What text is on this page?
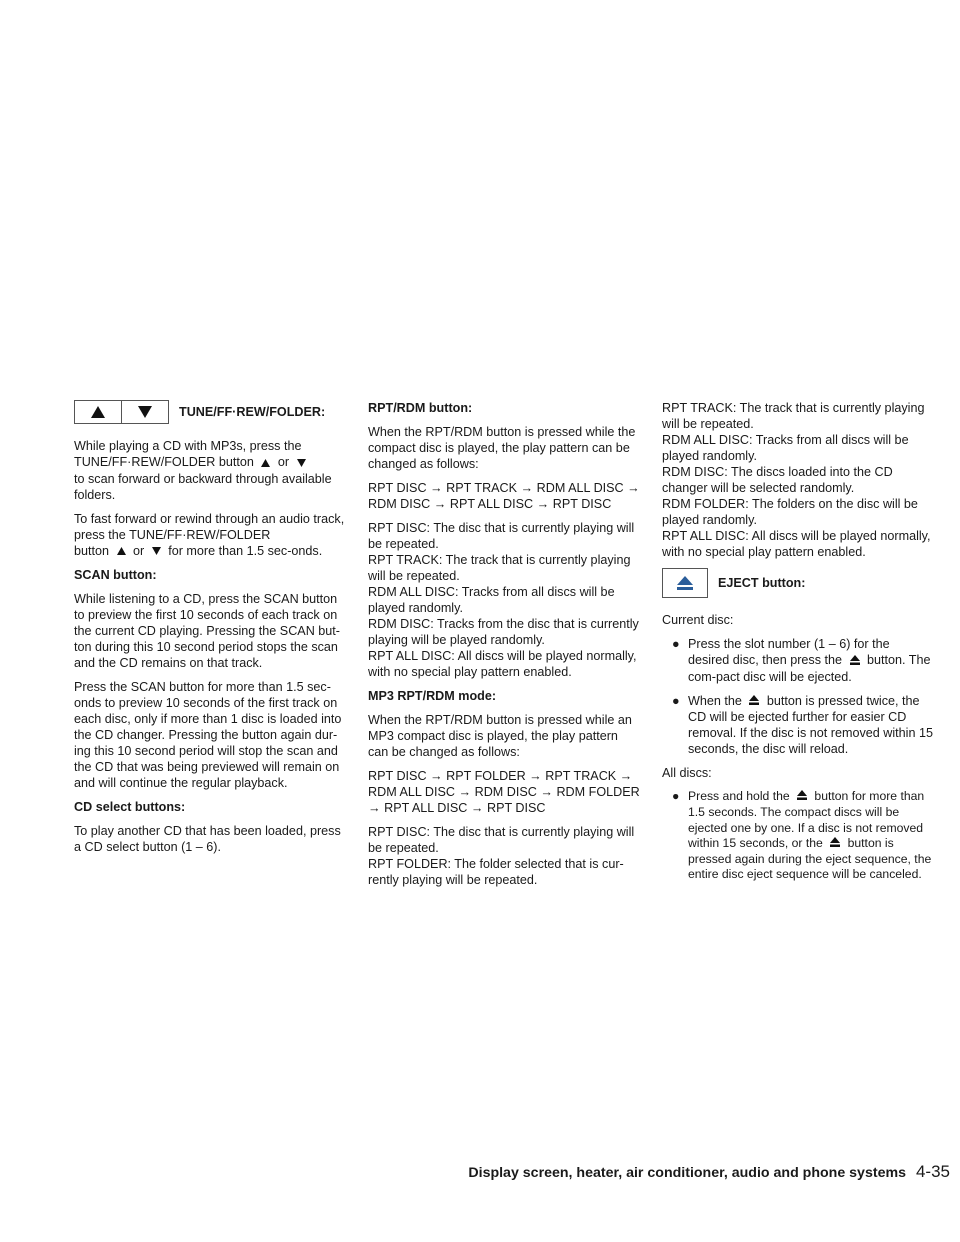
TUNE/FF·REW/FOLDER:

While playing a CD with MP3s, press the

TUNE/FF·REW/FOLDER button or

to scan forward or backward through available folders.

To fast forward or rewind through an audio track, press the TUNE/FF·REW/FOLDER

button or for more than 1.5 sec-onds.

SCAN button:

While listening to a CD, press the SCAN button to preview the first 10 seconds of each track on the current CD playing. Pressing the SCAN but-ton during this 10 second period stops the scan and the CD remains on that track.

Press the SCAN button for more than 1.5 sec-onds to preview 10 seconds of the first track on each disc, only if more than 1 disc is loaded into the CD changer. Pressing the button again dur-ing this 10 second period will stop the scan and the CD that was being previewed will remain on and will continue the regular playback.

CD select buttons:

To play another CD that has been loaded, press a CD select button (1 – 6).

RPT/RDM button:

When the RPT/RDM button is pressed while the compact disc is played, the play pattern can be changed as follows:

RPT DISC → RPT TRACK → RDM ALL DISC → RDM DISC → RPT ALL DISC → RPT DISC

RPT DISC: The disc that is currently playing will be repeated.

RPT TRACK: The track that is currently playing will be repeated.

RDM ALL DISC: Tracks from all discs will be played randomly.

RDM DISC: Tracks from the disc that is currently playing will be played randomly.

RPT ALL DISC: All discs will be played normally, with no special play pattern enabled.

MP3 RPT/RDM mode:

When the RPT/RDM button is pressed while an MP3 compact disc is played, the play pattern can be changed as follows:

RPT DISC → RPT FOLDER → RPT TRACK → RDM ALL DISC → RDM DISC → RDM FOLDER → RPT ALL DISC → RPT DISC

RPT DISC: The disc that is currently playing will be repeated.

RPT FOLDER: The folder selected that is cur-rently playing will be repeated.

RPT TRACK: The track that is currently playing will be repeated.

RDM ALL DISC: Tracks from all discs will be played randomly.

RDM DISC: The discs loaded into the CD changer will be selected randomly.

RDM FOLDER: The folders on the disc will be played randomly.

RPT ALL DISC: All discs will be played normally, with no special play pattern enabled.

EJECT button:

Current disc:

● Press the slot number (1 – 6) for the desired disc, then press the button. The com-pact disc will be ejected.
● When the button is pressed twice, the CD will be ejected further for easier CD removal. If the disc is not removed within 15 seconds, the disc will reload.

All discs:

● Press and hold the button for more than 1.5 seconds. The compact discs will be ejected one by one. If a disc is not removed within 15 seconds, or the button is pressed again during the eject sequence, the entire disc eject sequence will be canceled.
Display screen, heater, air conditioner, audio and phone systems 4-35
